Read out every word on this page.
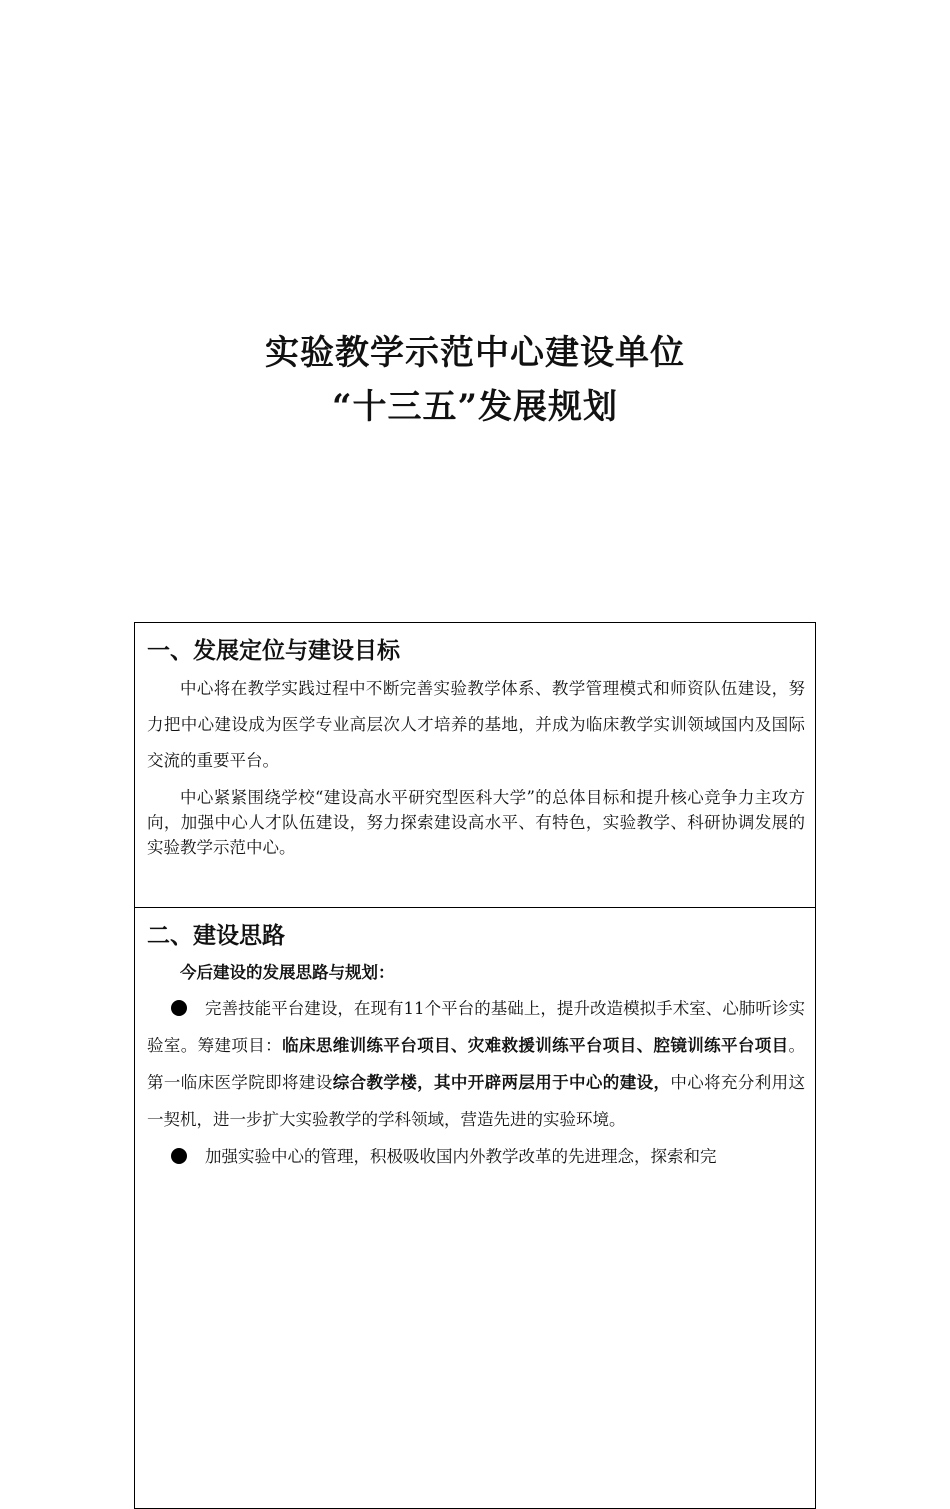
实验教学示范中心建设单位
“十三五”发展规划
一、发展定位与建设目标

中心将在教学实践过程中不断完善实验教学体系、教学管理模式和师资队伍建设，努力把中心建设成为医学专业高层次人才培养的基地，并成为临床教学实训领域国内及国际交流的重要平台。

中心紧紧围绕学校“建设高水平研究型医科大学”的总体目标和提升核心竞争力主攻方向，加强中心人才队伍建设，努力探索建设高水平、有特色，实验教学、科研协调发展的实验教学示范中心。

二、建设思路

今后建设的发展思路与规划：

完善技能平台建设，在现有11个平台的基础上，提升改造模拟手术室、心肺听诊实验室。筹建项目：临床思维训练平台项目、灾难救援训练平台项目、腔镜训练平台项目。第一临床医学院即将建设综合教学楼，其中开辟两层用于中心的建设，中心将充分利用这一契机，进一步扩大实验教学的学科领域，营造先进的实验环境。

加强实验中心的管理，积极吸收国内外教学改革的先进理念，探索和完
